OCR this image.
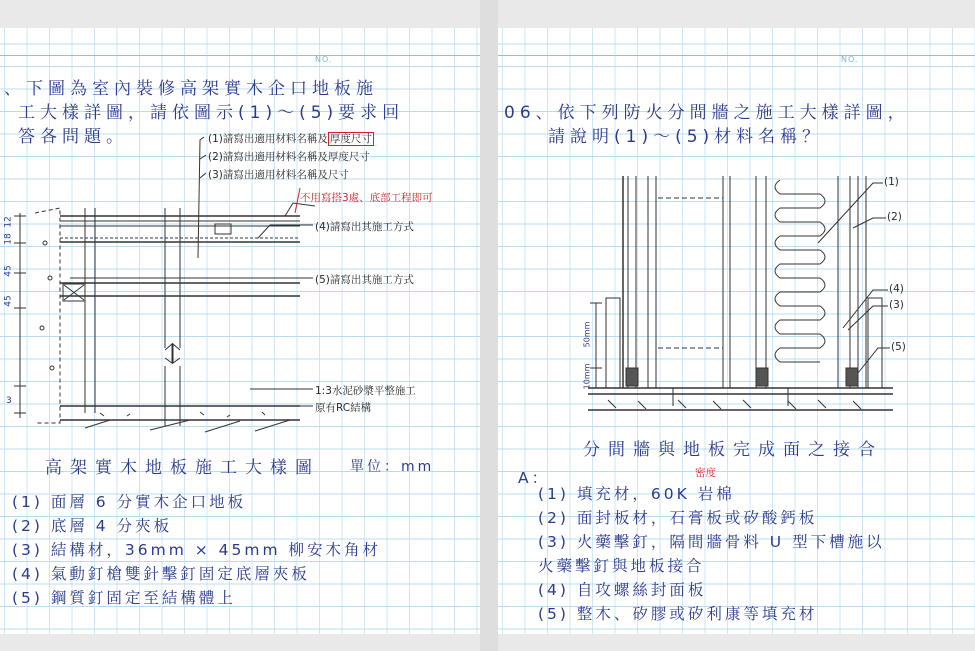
NO.
、下圖為室內裝修高架實木企口地板施
工大樣詳圖，請依圖示(1)～(5)要求回
答各問題。	(1)請寫出適用材料名稱及 厚度尺寸
(2)請寫出適用材料名稱及厚度尺寸
(3)請寫出適用材料名稱及尺寸
不用寫搭3處、底部工程即可
(4)請寫出其施工方式
(5)請寫出其施工方式
1:3水泥砂漿平整施工
原有RC結構
12
18
45
45
3
高架實木地板施工大樣圖 單位：mm
(1) 面層 6 分實木企口地板
(2) 底層 4 分夾板
(3) 結構材，36mm × 45mm 柳安木角材
(4) 氣動釘槍雙針擊釘固定底層夾板
(5) 鋼質釘固定至結構體上
NO.
06、依下列防火分間牆之施工大樣詳圖，
請說明(1)～(5)材料名稱？
(1)
(2)
(4)
(3)
(5)
50mm
10mm
分間牆與地板完成面之接合
A：	密度
(1) 填充材，60K 岩棉
(2) 面封板材，石膏板或矽酸鈣板
(3) 火藥擊釘，隔間牆骨料 U 型下槽施以
火藥擊釘與地板接合
(4) 自攻螺絲封面板
(5) 整木、矽膠或矽利康等填充材
